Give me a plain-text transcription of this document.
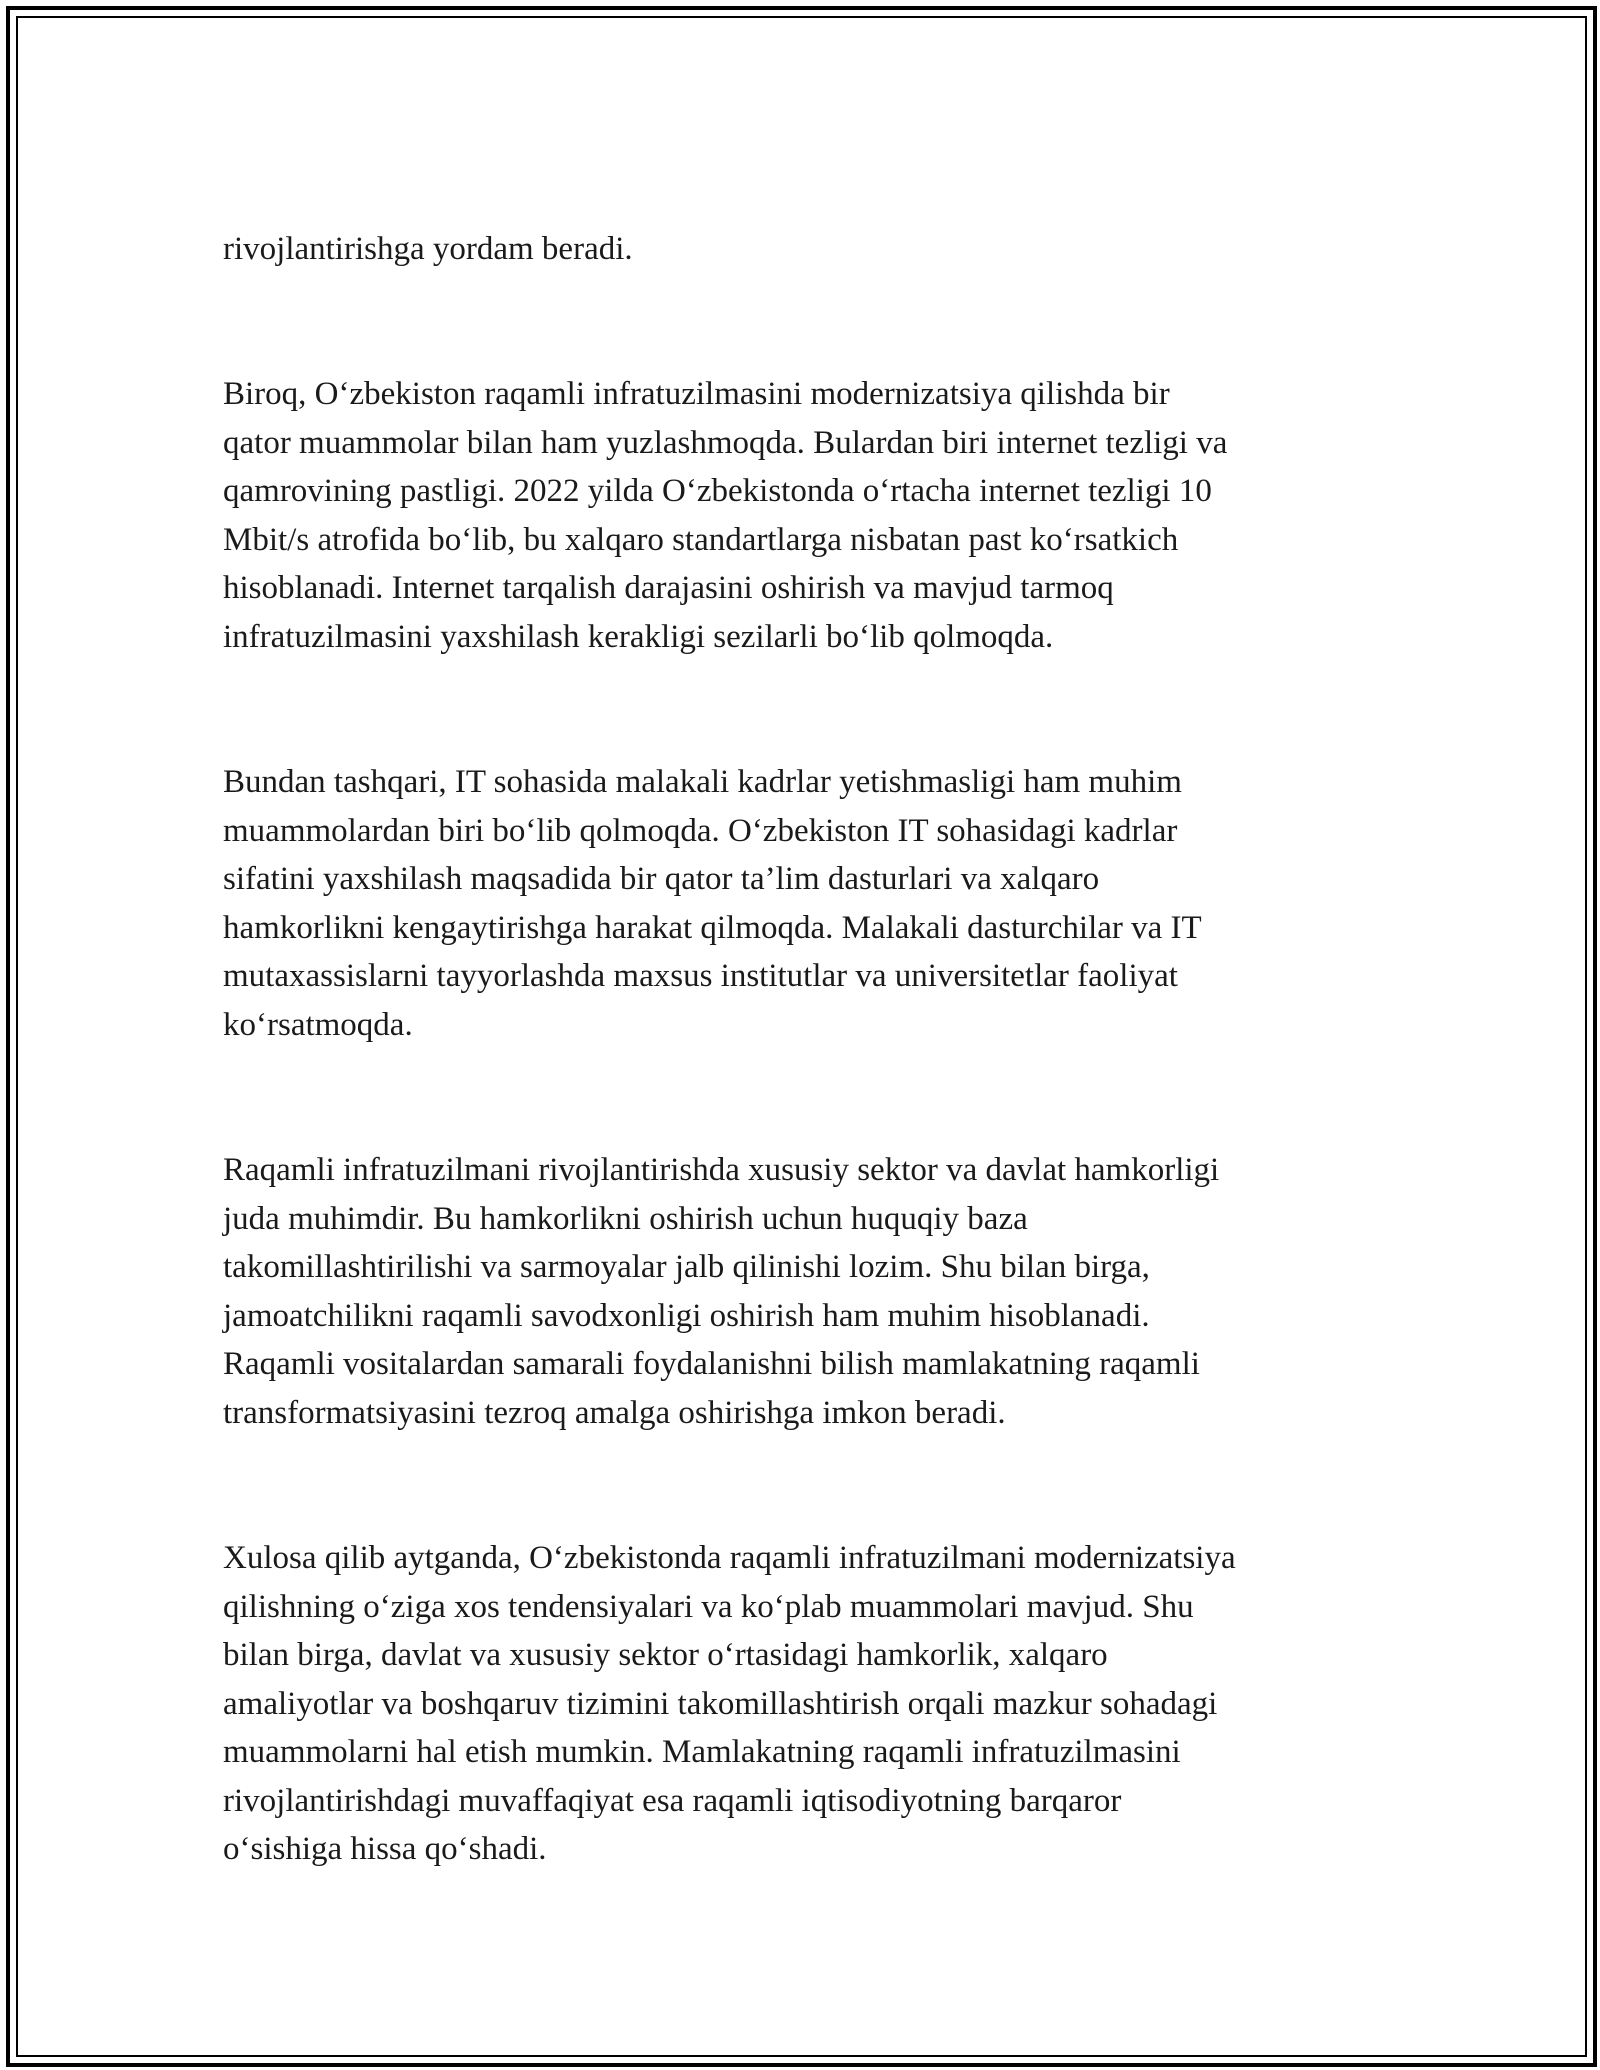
rivojlantirishga yordam beradi.

Biroq, O‘zbekiston raqamli infratuzilmasini modernizatsiya qilishda bir
qator muammolar bilan ham yuzlashmoqda. Bulardan biri internet tezligi va
qamrovining pastligi. 2022 yilda O‘zbekistonda o‘rtacha internet tezligi 10
Mbit/s atrofida bo‘lib, bu xalqaro standartlarga nisbatan past ko‘rsatkich
hisoblanadi. Internet tarqalish darajasini oshirish va mavjud tarmoq
infratuzilmasini yaxshilash kerakligi sezilarli bo‘lib qolmoqda.

Bundan tashqari, IT sohasida malakali kadrlar yetishmasligi ham muhim
muammolardan biri bo‘lib qolmoqda. O‘zbekiston IT sohasidagi kadrlar
sifatini yaxshilash maqsadida bir qator ta’lim dasturlari va xalqaro
hamkorlikni kengaytirishga harakat qilmoqda. Malakali dasturchilar va IT
mutaxassislarni tayyorlashda maxsus institutlar va universitetlar faoliyat
ko‘rsatmoqda.

Raqamli infratuzilmani rivojlantirishda xususiy sektor va davlat hamkorligi
juda muhimdir. Bu hamkorlikni oshirish uchun huquqiy baza
takomillashtirilishi va sarmoyalar jalb qilinishi lozim. Shu bilan birga,
jamoatchilikni raqamli savodxonligi oshirish ham muhim hisoblanadi.
Raqamli vositalardan samarali foydalanishni bilish mamlakatning raqamli
transformatsiyasini tezroq amalga oshirishga imkon beradi.

Xulosa qilib aytganda, O‘zbekistonda raqamli infratuzilmani modernizatsiya
qilishning o‘ziga xos tendensiyalari va ko‘plab muammolari mavjud. Shu
bilan birga, davlat va xususiy sektor o‘rtasidagi hamkorlik, xalqaro
amaliyotlar va boshqaruv tizimini takomillashtirish orqali mazkur sohadagi
muammolarni hal etish mumkin. Mamlakatning raqamli infratuzilmasini
rivojlantirishdagi muvaffaqiyat esa raqamli iqtisodiyotning barqaror
o‘sishiga hissa qo‘shadi.
